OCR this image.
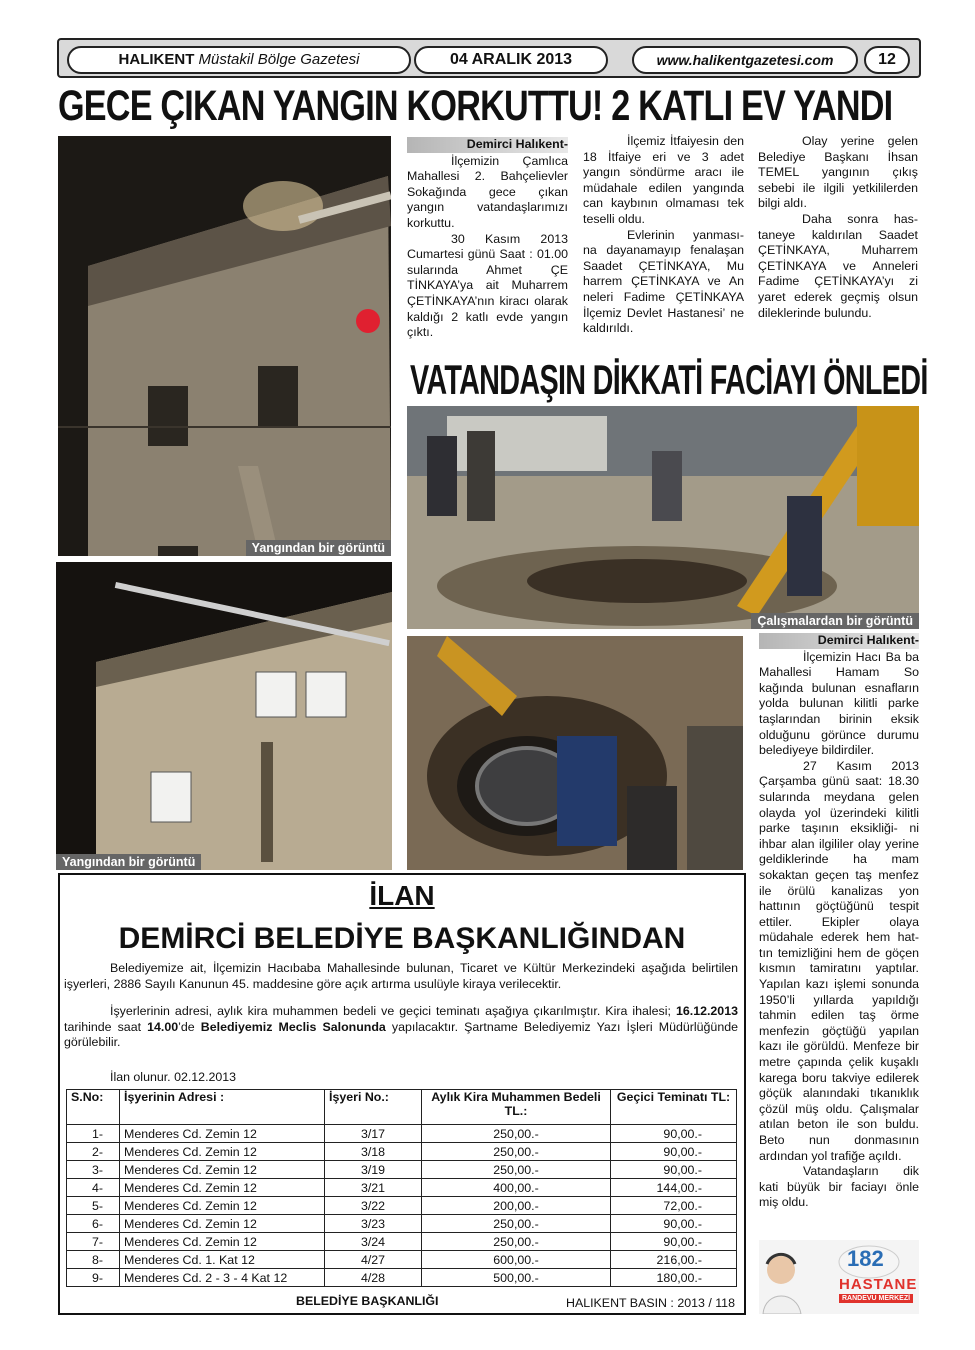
HALIKENT Müstakil Bölge Gazetesi	04 ARALIK 2013	www.halikentgazetesi.com	12
GECE ÇIKAN YANGIN KORKUTTU! 2 KATLI EV YANDI
Yangından bir görüntü
Yangından bir görüntü
Demirci Halıkent-

İlçemizin Çamlıca Mahallesi 2. Bahçelievler Sokağında gece çıkan yangın vatandaşlarımızı korkuttu.

30 Kasım 2013 Cumartesi günü Saat : 01.00 sularında Ahmet ÇE TİNKAYA’ya ait Muharrem ÇETİNKAYA’nın kiracı olarak kaldığı 2 katlı evde yangın çıktı.

İlçemiz İtfaiyesin den 18 İtfaiye eri ve 3 adet yangın söndürme aracı ile müdahale edilen yangında can kaybının olmaması tek teselli oldu.

Evlerinin yanması- na dayanamayıp fenalaşan Saadet ÇETİNKAYA, Mu harrem ÇETİNKAYA ve An neleri Fadime ÇETİNKAYA İlçemiz Devlet Hastanesi’ ne kaldırıldı.

Olay yerine gelen Belediye Başkanı İhsan TEMEL yangının çıkış sebebi ile ilgili yetkililerden bilgi aldı.

Daha sonra has- taneye kaldırılan Saadet ÇETİNKAYA, Muharrem ÇETİNKAYA ve Anneleri Fadime ÇETİNKAYA’yı zi yaret ederek geçmiş olsun dileklerinde bulundu.

VATANDAŞIN DİKKATİ FACİAYI ÖNLEDİ
Çalışmalardan bir görüntü
Demirci Halıkent-

İlçemizin Hacı Ba ba Mahallesi Hamam So kağında bulunan esnafların yolda bulunan kilitli parke taşlarından birinin eksik olduğunu görünce durumu belediyeye bildirdiler.

27 Kasım 2013 Çarşamba günü saat: 18.30 sularında meydana gelen olayda yol üzerindeki kilitli parke taşının eksikliği- ni ihbar alan ilgililer olay yerine geldiklerinde ha mam sokaktan geçen taş menfez ile örülü kanalizas yon hattının göçtüğünü tespit ettiler. Ekipler olaya müdahale ederek hem hat- tın temizliğini hem de göçen kısmın tamiratını yaptılar. Yapılan kazı işlemi sonunda 1950’li yıllarda yapıldığı tahmin edilen taş örme menfezin göçtüğü yapılan kazı ile görüldü. Menfeze bir metre çapında çelik kuşaklı karega boru takviye edilerek göçük alanındaki tıkanıklık çözül müş oldu. Çalışmalar atılan beton ile son buldu. Beto nun donmasının ardından yol trafiğe açıldı.

Vatandaşların dik kati büyük bir faciayı önle miş oldu.

182
HASTANE
RANDEVU MERKEZİ
İLAN
DEMİRCİ BELEDİYE BAŞKANLIĞINDAN
Belediyemize ait, İlçemizin Hacıbaba Mahallesinde bulunan, Ticaret ve Kültür Merkezindeki aşağıda belirtilen işyerleri, 2886 Sayılı Kanunun 45. maddesine göre açık artırma usulüyle kiraya verilecektir.
İşyerlerinin adresi, aylık kira muhammen bedeli ve geçici teminatı aşağıya çıkarılmıştır. Kira ihalesi; 16.12.2013 tarihinde saat 14.00’de Belediyemiz Meclis Salonunda yapılacaktır. Şartname Belediyemiz Yazı İşleri Müdürlüğünde görülebilir.
İlan olunur. 02.12.2013
S.No:	İşyerinin Adresi :	İşyeri No.:	Aylık Kira Muhammen Bedeli TL.:	Geçici Teminatı TL:
1-	Menderes Cd. Zemin 12	3/17	250,00.-	90,00.-
2-	Menderes Cd. Zemin 12	3/18	250,00.-	90,00.-
3-	Menderes Cd. Zemin 12	3/19	250,00.-	90,00.-
4-	Menderes Cd. Zemin 12	3/21	400,00.-	144,00.-
5-	Menderes Cd. Zemin 12	3/22	200,00.-	72,00.-
6-	Menderes Cd. Zemin 12	3/23	250,00.-	90,00.-
7-	Menderes Cd. Zemin 12	3/24	250,00.-	90,00.-
8-	Menderes Cd. 1. Kat 12	4/27	600,00.-	216,00.-
9-	Menderes Cd. 2 - 3 - 4 Kat 12	4/28	500,00.-	180,00.-
BELEDİYE BAŞKANLIĞI	HALIKENT BASIN : 2013 / 118
